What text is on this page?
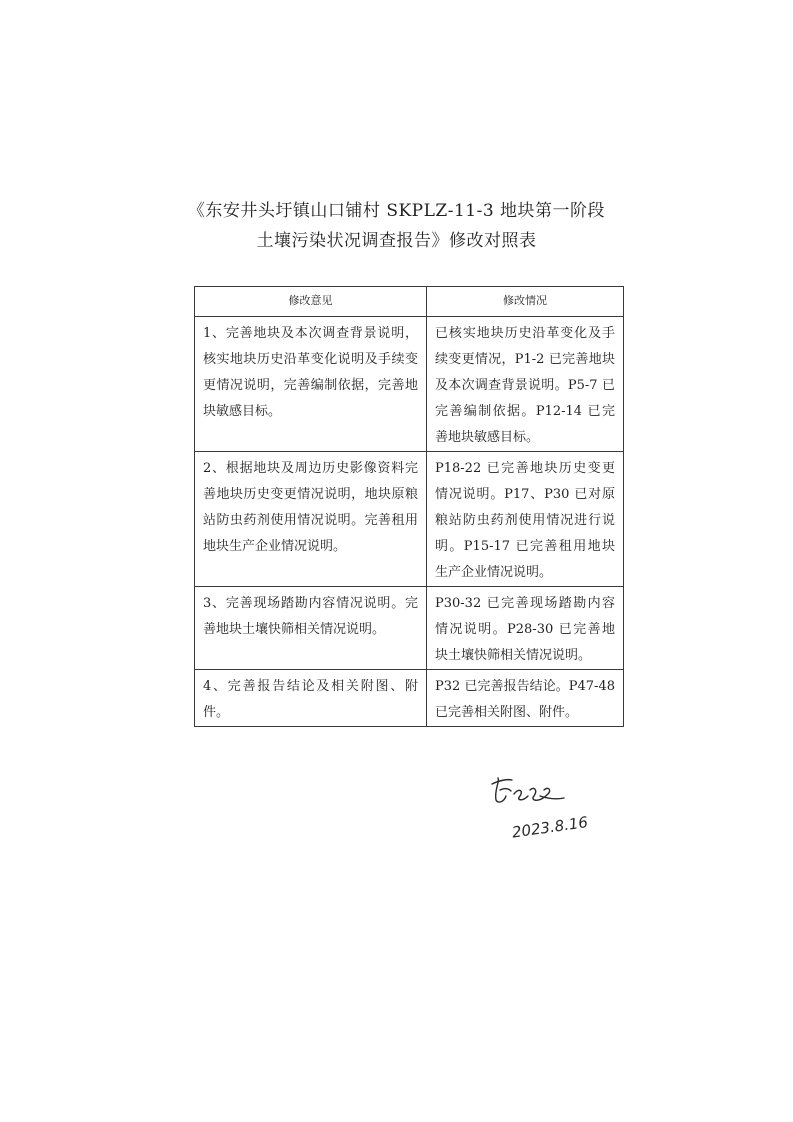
《东安井头圩镇山口铺村 SKPLZ-11-3 地块第一阶段
土壤污染状况调查报告》修改对照表
修改意见	修改情况
1、完善地块及本次调查背景说明，核实地块历史沿革变化说明及手续变更情况说明，完善编制依据，完善地块敏感目标。	已核实地块历史沿革变化及手续变更情况，P1-2 已完善地块及本次调查背景说明。P5-7 已完善编制依据。P12-14 已完善地块敏感目标。
2、根据地块及周边历史影像资料完善地块历史变更情况说明，地块原粮站防虫药剂使用情况说明。完善租用地块生产企业情况说明。	P18-22 已完善地块历史变更情况说明。P17、P30 已对原粮站防虫药剂使用情况进行说明。P15-17 已完善租用地块生产企业情况说明。
3、完善现场踏勘内容情况说明。完善地块土壤快筛相关情况说明。	P30-32 已完善现场踏勘内容情况说明。P28-30 已完善地块土壤快筛相关情况说明。
4、完善报告结论及相关附图、附件。	P32 已完善报告结论。P47-48 已完善相关附图、附件。
2023.8.16
